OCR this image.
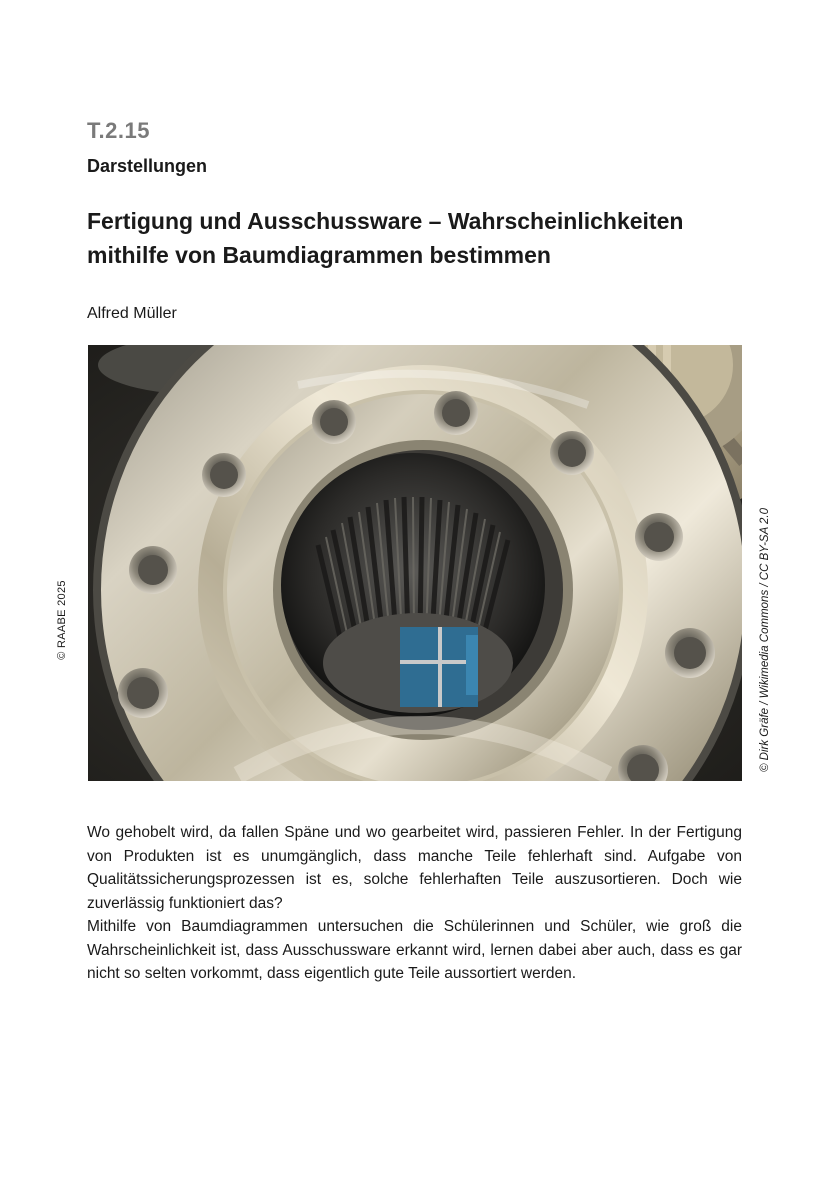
T.2.15
Darstellungen
Fertigung und Ausschussware – Wahrscheinlichkeiten mithilfe von Baumdiagrammen bestimmen
Alfred Müller
© RAABE 2025	© Dirk Gräfe / Wikimedia Commons / CC BY-SA 2.0

Wo gehobelt wird, da fallen Späne und wo gearbeitet wird, passieren Fehler. In der Fertigung von Produkten ist es unumgänglich, dass manche Teile fehlerhaft sind. Aufgabe von Qualitätssicherungsprozessen ist es, solche fehlerhaften Teile auszusortieren. Doch wie zuverlässig funktioniert das?

Mithilfe von Baumdiagrammen untersuchen die Schülerinnen und Schüler, wie groß die Wahrscheinlichkeit ist, dass Ausschussware erkannt wird, lernen dabei aber auch, dass es gar nicht so selten vorkommt, dass eigentlich gute Teile aussortiert werden.
